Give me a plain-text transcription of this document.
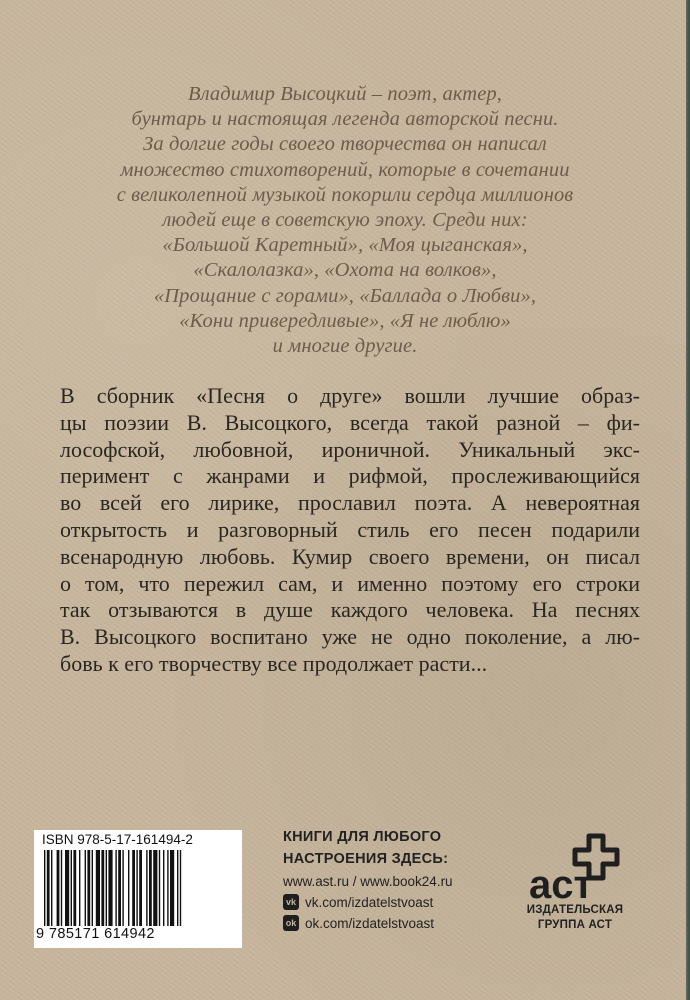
Владимир Высоцкий – поэт, актер,
бунтарь и настоящая легенда авторской песни.
За долгие годы своего творчества он написал
множество стихотворений, которые в сочетании
с великолепной музыкой покорили сердца миллионов
людей еще в советскую эпоху. Среди них:
«Большой Каретный», «Моя цыганская»,
«Скалолазка», «Охота на волков»,
«Прощание с горами», «Баллада о Любви»,
«Кони привередливые», «Я не люблю»
и многие другие.
В сборник «Песня о друге» вошли лучшие образ-
цы поэзии В. Высоцкого, всегда такой разной – фи-
лософской, любовной, ироничной. Уникальный экс-
перимент с жанрами и рифмой, прослеживающийся
во всей его лирике, прославил поэта. А невероятная
открытость и разговорный стиль его песен подарили
всенародную любовь. Кумир своего времени, он писал
о том, что пережил сам, и именно поэтому его строки
так отзываются в душе каждого человека. На песнях
В. Высоцкого воспитано уже не одно поколение, а лю-
бовь к его творчеству все продолжает расти...
ISBN 978-5-17-161494-2
9 785171 614942
КНИГИ ДЛЯ ЛЮБОГО
НАСТРОЕНИЯ ЗДЕСЬ:
www.ast.ru / www.book24.ru
vk vk.com/izdatelstvoast
ok ok.com/izdatelstvoast
аст
ИЗДАТЕЛЬСКАЯ
ГРУППА АСТ
